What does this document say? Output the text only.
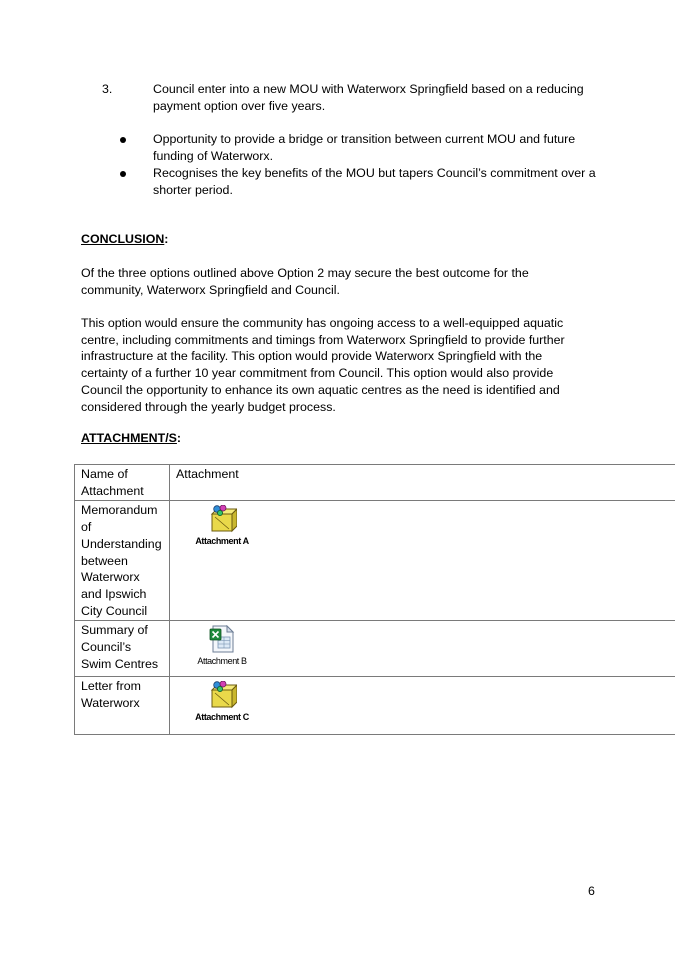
3.	Council enter into a new MOU with Waterworx Springfield based on a reducing payment option over five years.
Opportunity to provide a bridge or transition between current MOU and future funding of Waterworx.
Recognises the key benefits of the MOU but tapers Council’s commitment over a shorter period.
CONCLUSION:
Of the three options outlined above Option 2 may secure the best outcome for the community, Waterworx Springfield and Council.
This option would ensure the community has ongoing access to a well-equipped aquatic centre, including commitments and timings from Waterworx Springfield to provide further infrastructure at the facility. This option would provide Waterworx Springfield with the certainty of a further 10 year commitment from Council. This option would also provide Council the opportunity to enhance its own aquatic centres as the need is identified and considered through the yearly budget process.
ATTACHMENT/S:
Name of Attachment	Attachment
Memorandum of Understanding between Waterworx and Ipswich City Council	Attachment A

Summary of Council’s Swim Centres	Attachment B

Letter from Waterworx	Attachment C
6
